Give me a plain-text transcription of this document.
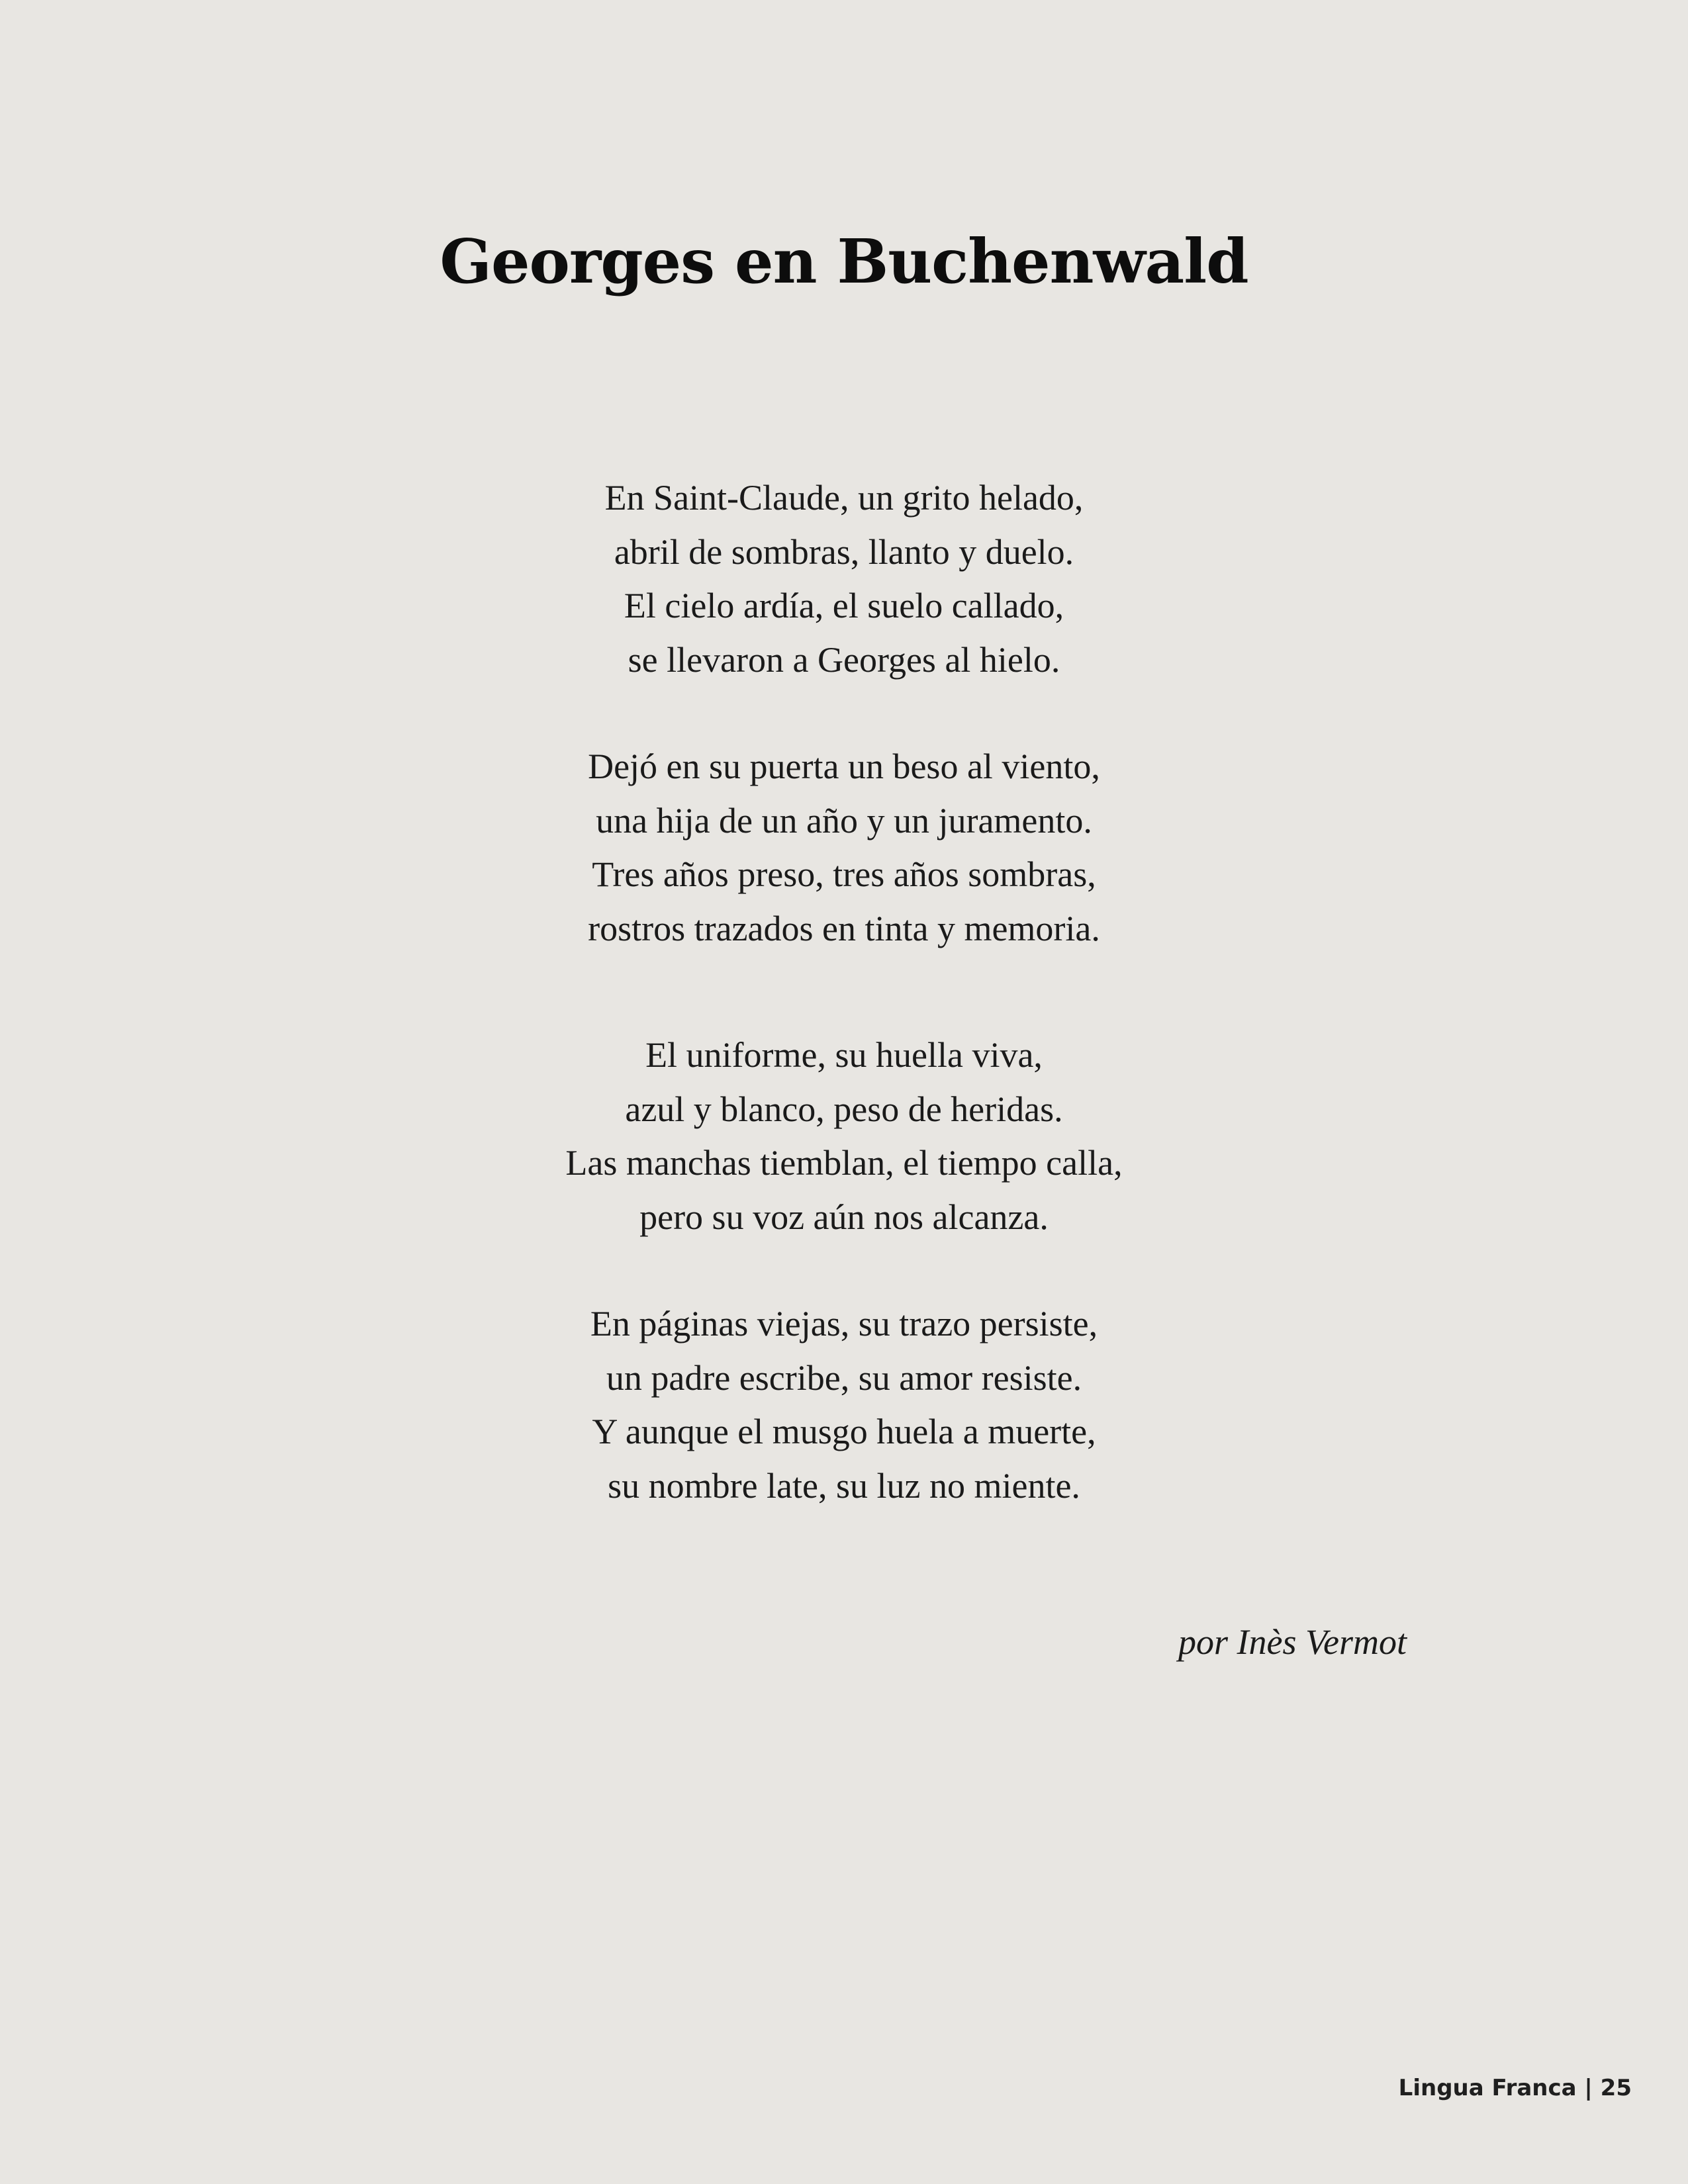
Georges en Buchenwald

En Saint-Claude, un grito helado,
abril de sombras, llanto y duelo.
El cielo ardía, el suelo callado,
se llevaron a Georges al hielo.

Dejó en su puerta un beso al viento,
una hija de un año y un juramento.
Tres años preso, tres años sombras,
rostros trazados en tinta y memoria.

El uniforme, su huella viva,
azul y blanco, peso de heridas.
Las manchas tiemblan, el tiempo calla,
pero su voz aún nos alcanza.

En páginas viejas, su trazo persiste,
un padre escribe, su amor resiste.
Y aunque el musgo huela a muerte,
su nombre late, su luz no miente.

por Inès Vermot
Lingua Franca | 25
